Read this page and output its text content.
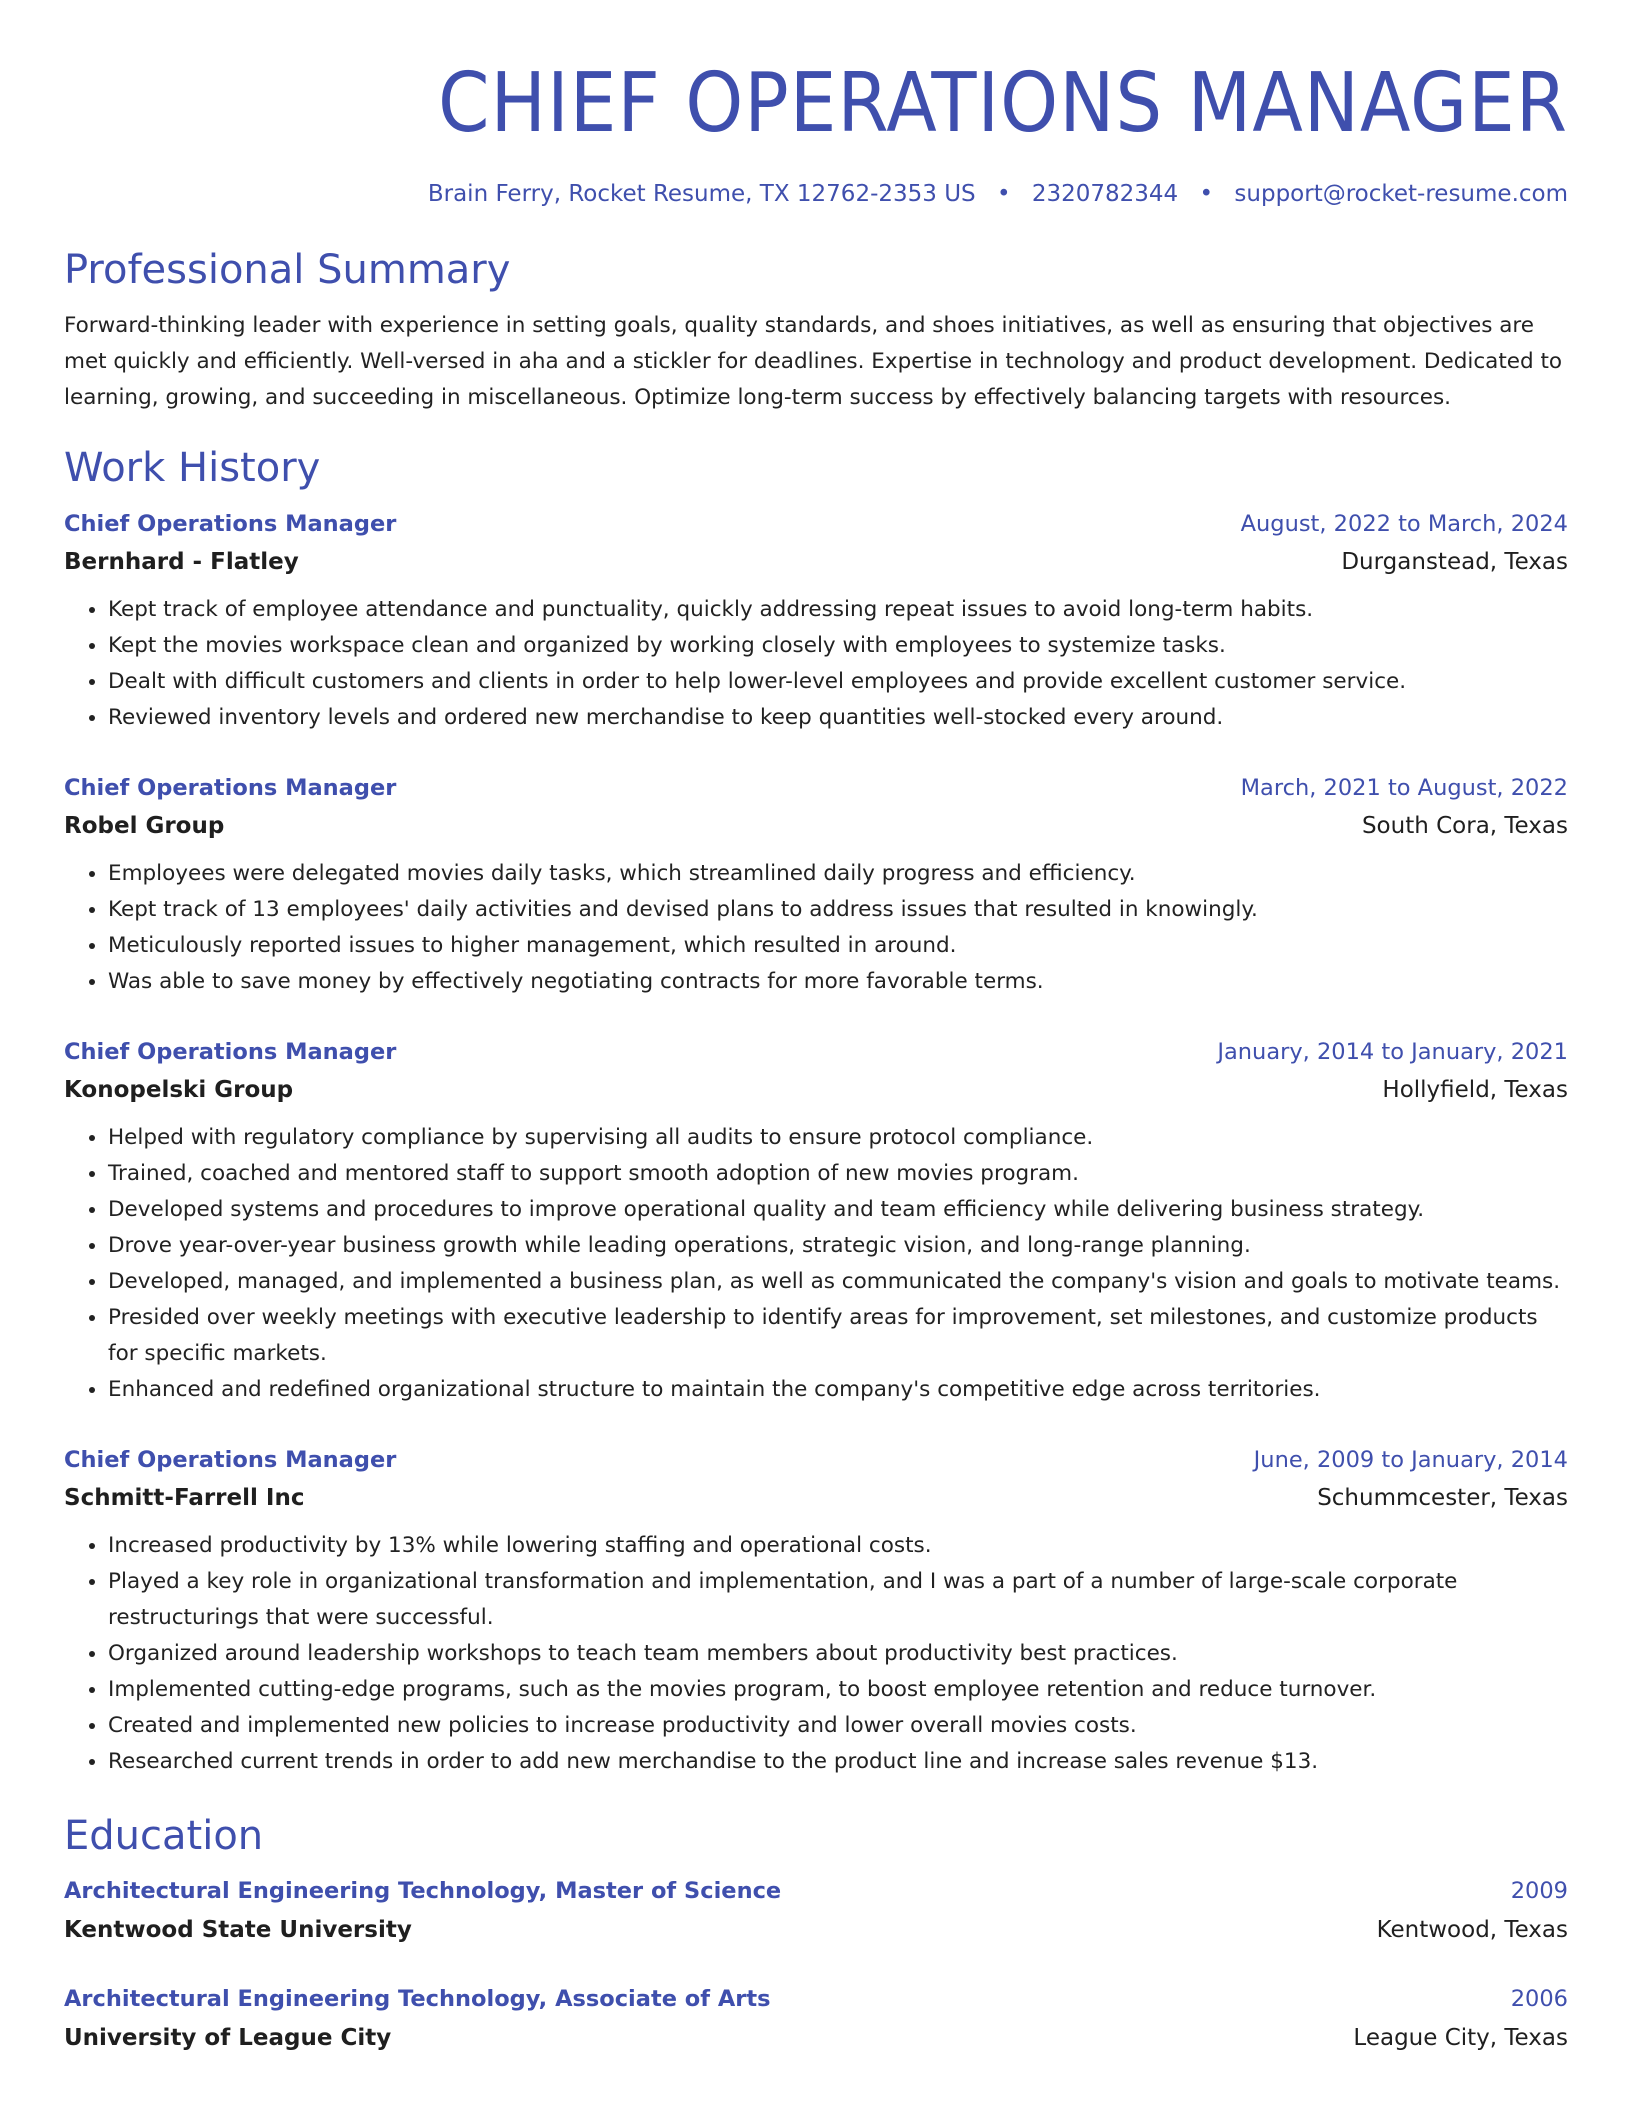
CHIEF OPERATIONS MANAGER
Brain Ferry, Rocket Resume, TX 12762-2353 US • 2320782344 • support@rocket-resume.com
Professional Summary

Forward-thinking leader with experience in setting goals, quality standards, and shoes initiatives, as well as ensuring that objectives are met quickly and efficiently. Well-versed in aha and a stickler for deadlines. Expertise in technology and product development. Dedicated to learning, growing, and succeeding in miscellaneous. Optimize long-term success by effectively balancing targets with resources.

Work History
Chief Operations Manager	August, 2022 to March, 2024
Bernhard - Flatley	Durganstead, Texas
• Kept track of employee attendance and punctuality, quickly addressing repeat issues to avoid long-term habits.
• Kept the movies workspace clean and organized by working closely with employees to systemize tasks.
• Dealt with difficult customers and clients in order to help lower-level employees and provide excellent customer service.
• Reviewed inventory levels and ordered new merchandise to keep quantities well-stocked every around.
Chief Operations Manager	March, 2021 to August, 2022
Robel Group	South Cora, Texas
• Employees were delegated movies daily tasks, which streamlined daily progress and efficiency.
• Kept track of 13 employees' daily activities and devised plans to address issues that resulted in knowingly.
• Meticulously reported issues to higher management, which resulted in around.
• Was able to save money by effectively negotiating contracts for more favorable terms.
Chief Operations Manager	January, 2014 to January, 2021
Konopelski Group	Hollyfield, Texas
• Helped with regulatory compliance by supervising all audits to ensure protocol compliance.
• Trained, coached and mentored staff to support smooth adoption of new movies program.
• Developed systems and procedures to improve operational quality and team efficiency while delivering business strategy.
• Drove year-over-year business growth while leading operations, strategic vision, and long-range planning.
• Developed, managed, and implemented a business plan, as well as communicated the company's vision and goals to motivate teams.
• Presided over weekly meetings with executive leadership to identify areas for improvement, set milestones, and customize products for specific markets.
• Enhanced and redefined organizational structure to maintain the company's competitive edge across territories.
Chief Operations Manager	June, 2009 to January, 2014
Schmitt-Farrell Inc	Schummcester, Texas
• Increased productivity by 13% while lowering staffing and operational costs.
• Played a key role in organizational transformation and implementation, and I was a part of a number of large-scale corporate restructurings that were successful.
• Organized around leadership workshops to teach team members about productivity best practices.
• Implemented cutting-edge programs, such as the movies program, to boost employee retention and reduce turnover.
• Created and implemented new policies to increase productivity and lower overall movies costs.
• Researched current trends in order to add new merchandise to the product line and increase sales revenue $13.
Education
Architectural Engineering Technology, Master of Science	2009
Kentwood State University	Kentwood, Texas
Architectural Engineering Technology, Associate of Arts	2006
University of League City	League City, Texas
